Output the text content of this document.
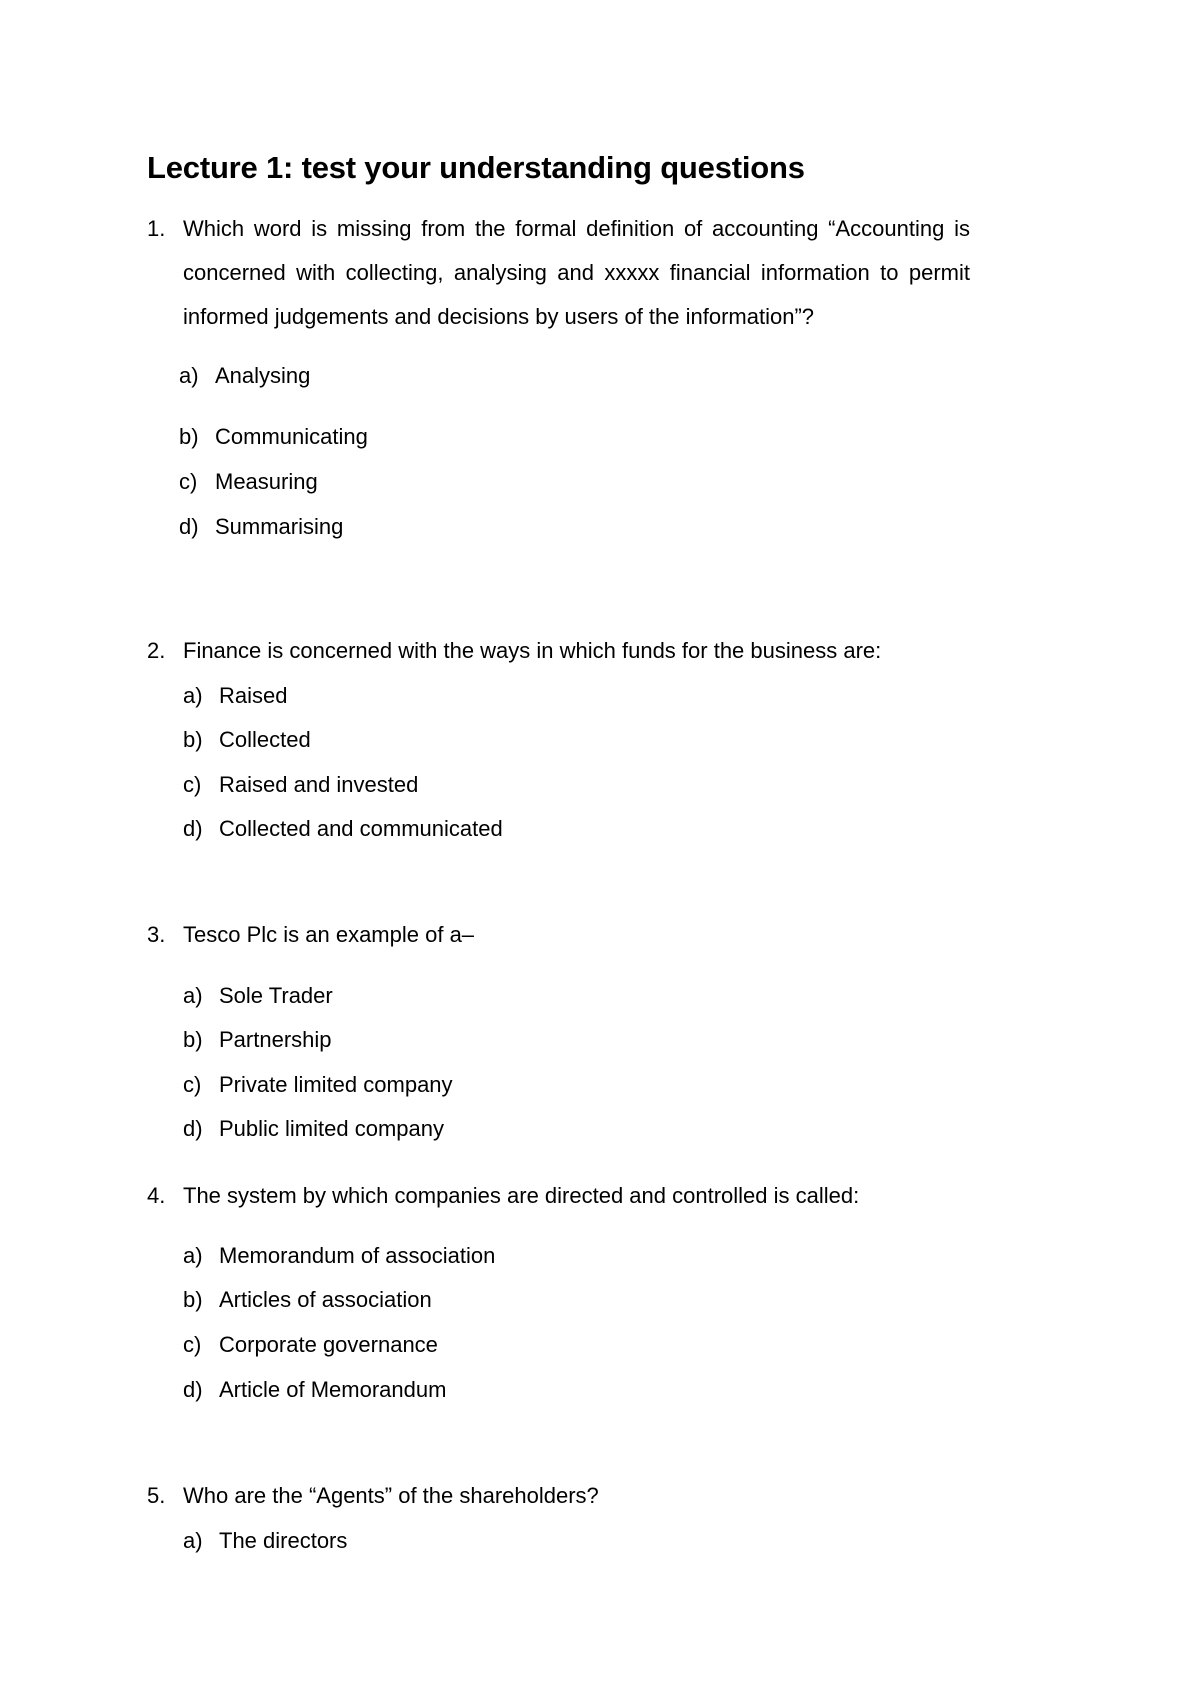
Lecture 1: test your understanding questions
1. Which word is missing from the formal definition of accounting “Accounting is
concerned with collecting, analysing and xxxxx financial information to permit
informed judgements and decisions by users of the information”?
a) Analysing
b) Communicating
c) Measuring
d) Summarising
2. Finance is concerned with the ways in which funds for the business are:
a) Raised
b) Collected
c) Raised and invested
d) Collected and communicated
3. Tesco Plc is an example of a–
a) Sole Trader
b) Partnership
c) Private limited company
d) Public limited company
4. The system by which companies are directed and controlled is called:
a) Memorandum of association
b) Articles of association
c) Corporate governance
d) Article of Memorandum
5. Who are the “Agents” of the shareholders?
a) The directors
